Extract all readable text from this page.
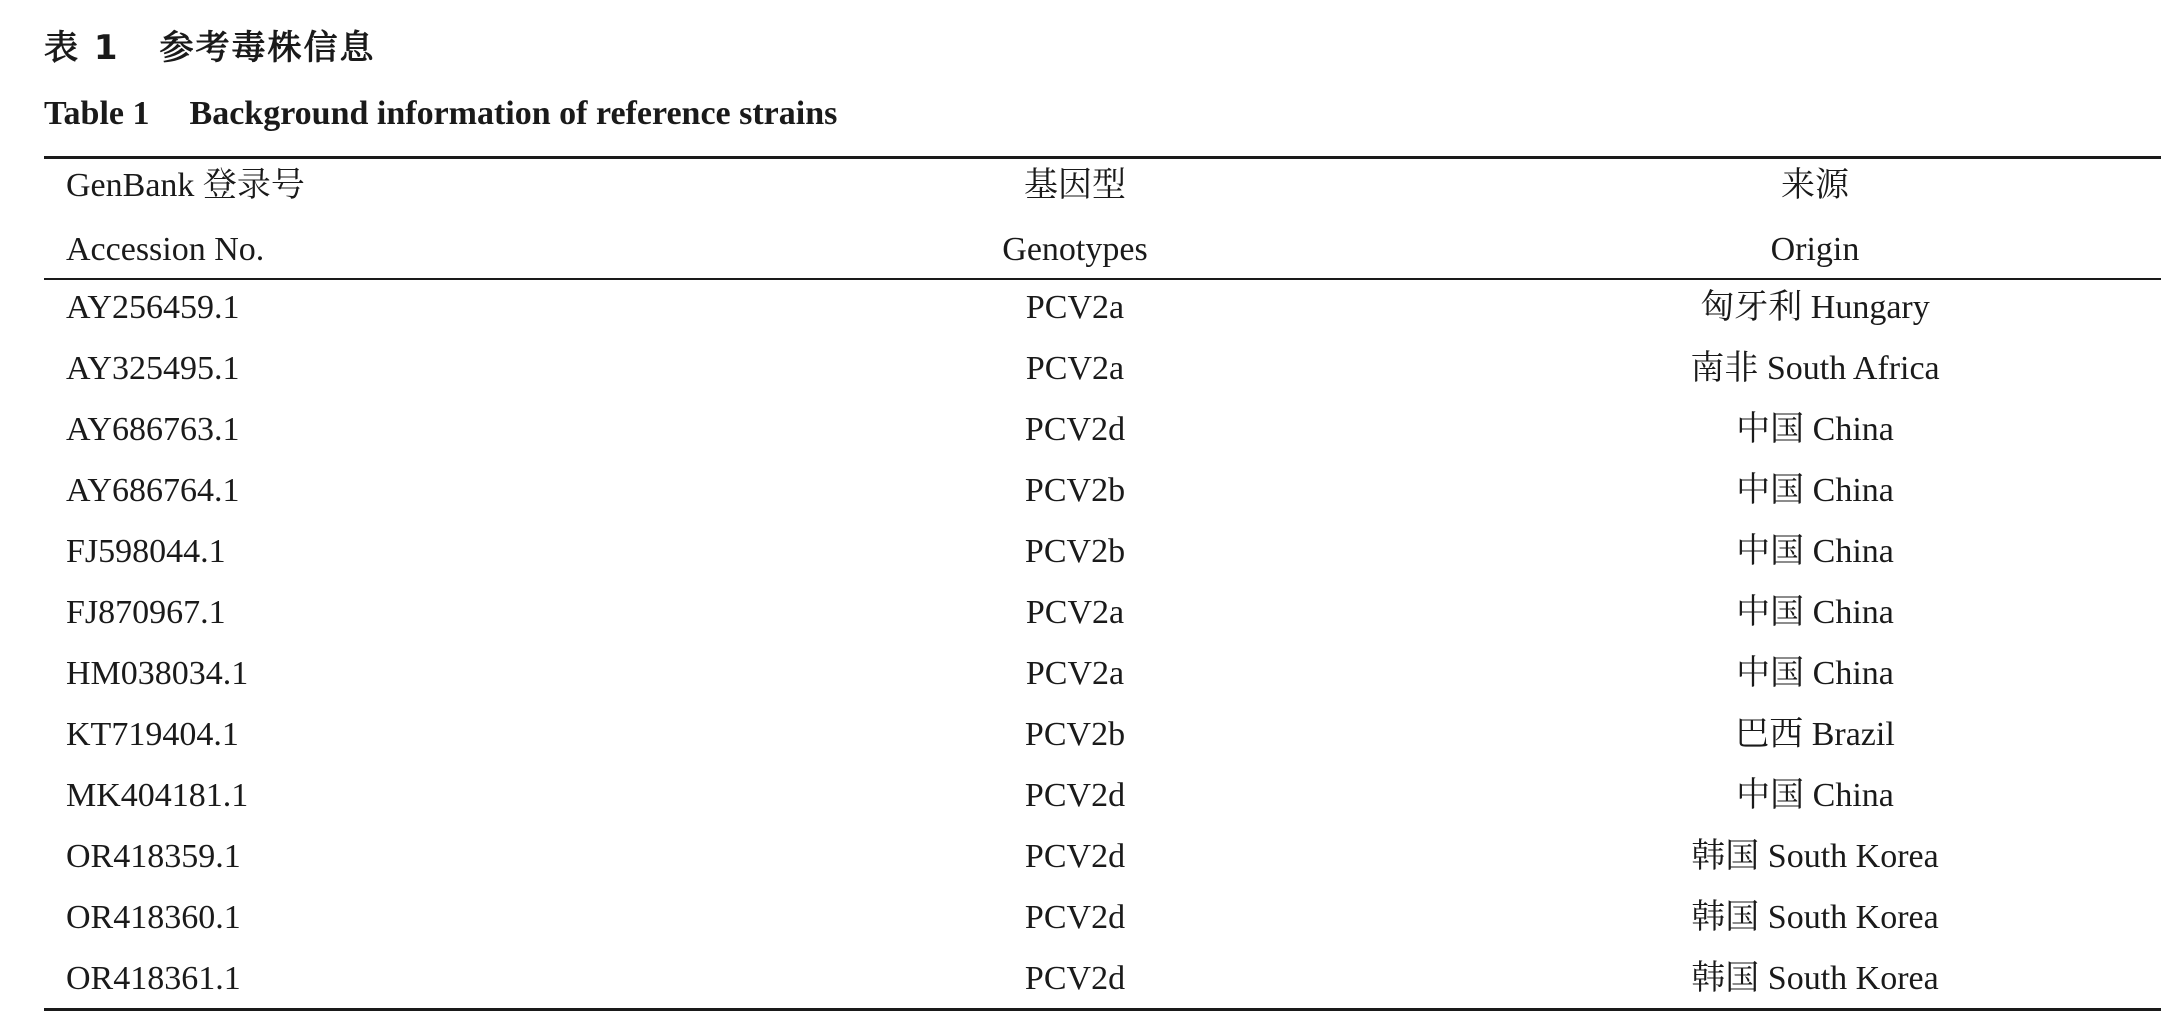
表 1 参考毒株信息
Table 1 Background information of reference strains
GenBank 登录号	基因型	来源
Accession No.	Genotypes	Origin
AY256459.1	PCV2a	匈牙利 Hungary
AY325495.1	PCV2a	南非 South Africa
AY686763.1	PCV2d	中国 China
AY686764.1	PCV2b	中国 China
FJ598044.1	PCV2b	中国 China
FJ870967.1	PCV2a	中国 China
HM038034.1	PCV2a	中国 China
KT719404.1	PCV2b	巴西 Brazil
MK404181.1	PCV2d	中国 China
OR418359.1	PCV2d	韩国 South Korea
OR418360.1	PCV2d	韩国 South Korea
OR418361.1	PCV2d	韩国 South Korea
